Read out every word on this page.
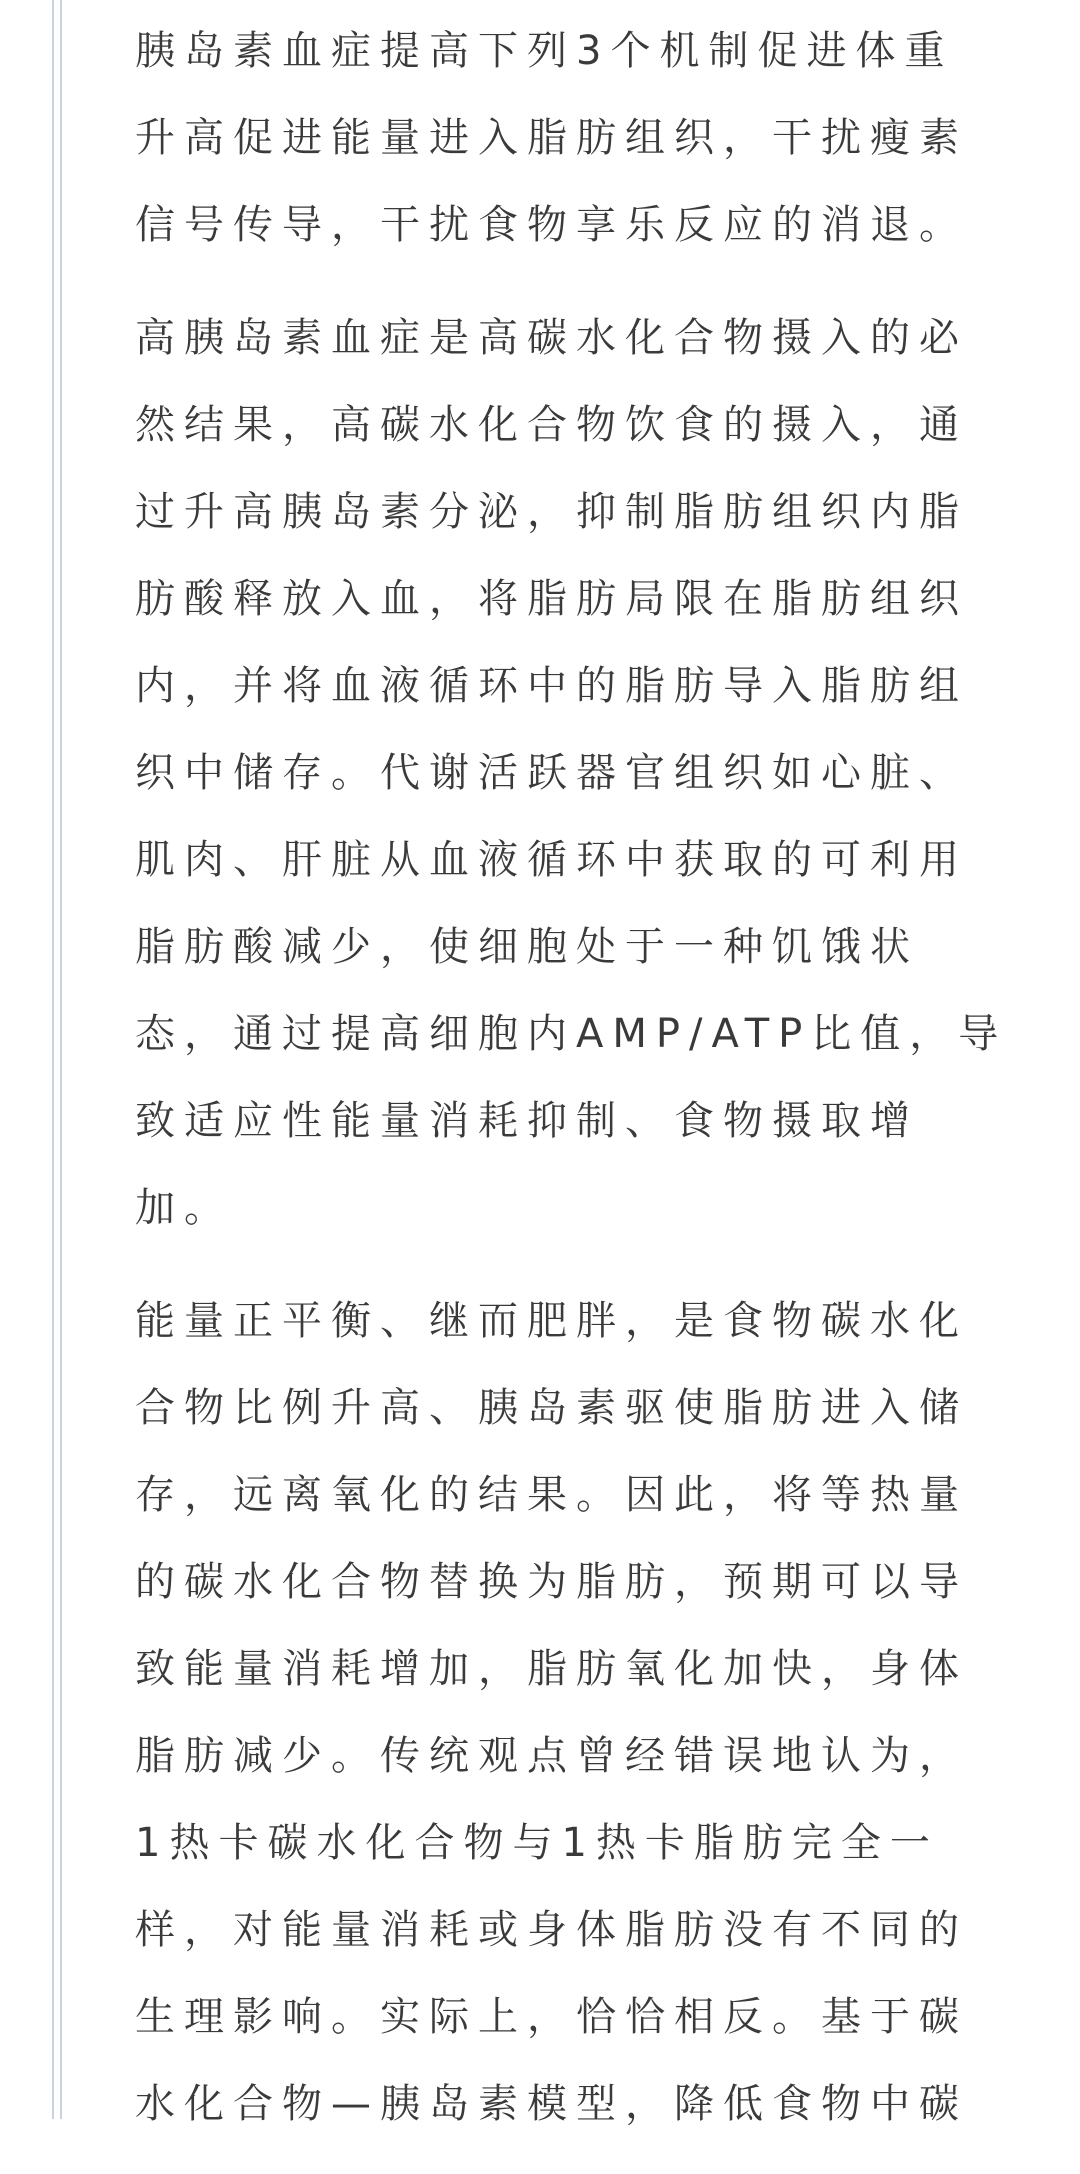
胰岛素血症提高下列3个机制促进体重
升高促进能量进入脂肪组织，干扰瘦素
信号传导，干扰食物享乐反应的消退。
高胰岛素血症是高碳水化合物摄入的必
然结果，高碳水化合物饮食的摄入，通
过升高胰岛素分泌，抑制脂肪组织内脂
肪酸释放入血，将脂肪局限在脂肪组织
内，并将血液循环中的脂肪导入脂肪组
织中储存。代谢活跃器官组织如心脏、
肌肉、肝脏从血液循环中获取的可利用
脂肪酸减少，使细胞处于一种饥饿状
态，通过提高细胞内AMP/ATP比值，导
致适应性能量消耗抑制、食物摄取增
加。
能量正平衡、继而肥胖，是食物碳水化
合物比例升高、胰岛素驱使脂肪进入储
存，远离氧化的结果。因此，将等热量
的碳水化合物替换为脂肪，预期可以导
致能量消耗增加，脂肪氧化加快，身体
脂肪减少。传统观点曾经错误地认为，
1热卡碳水化合物与1热卡脂肪完全一
样，对能量消耗或身体脂肪没有不同的
生理影响。实际上，恰恰相反。基于碳
水化合物—胰岛素模型，降低食物中碳
